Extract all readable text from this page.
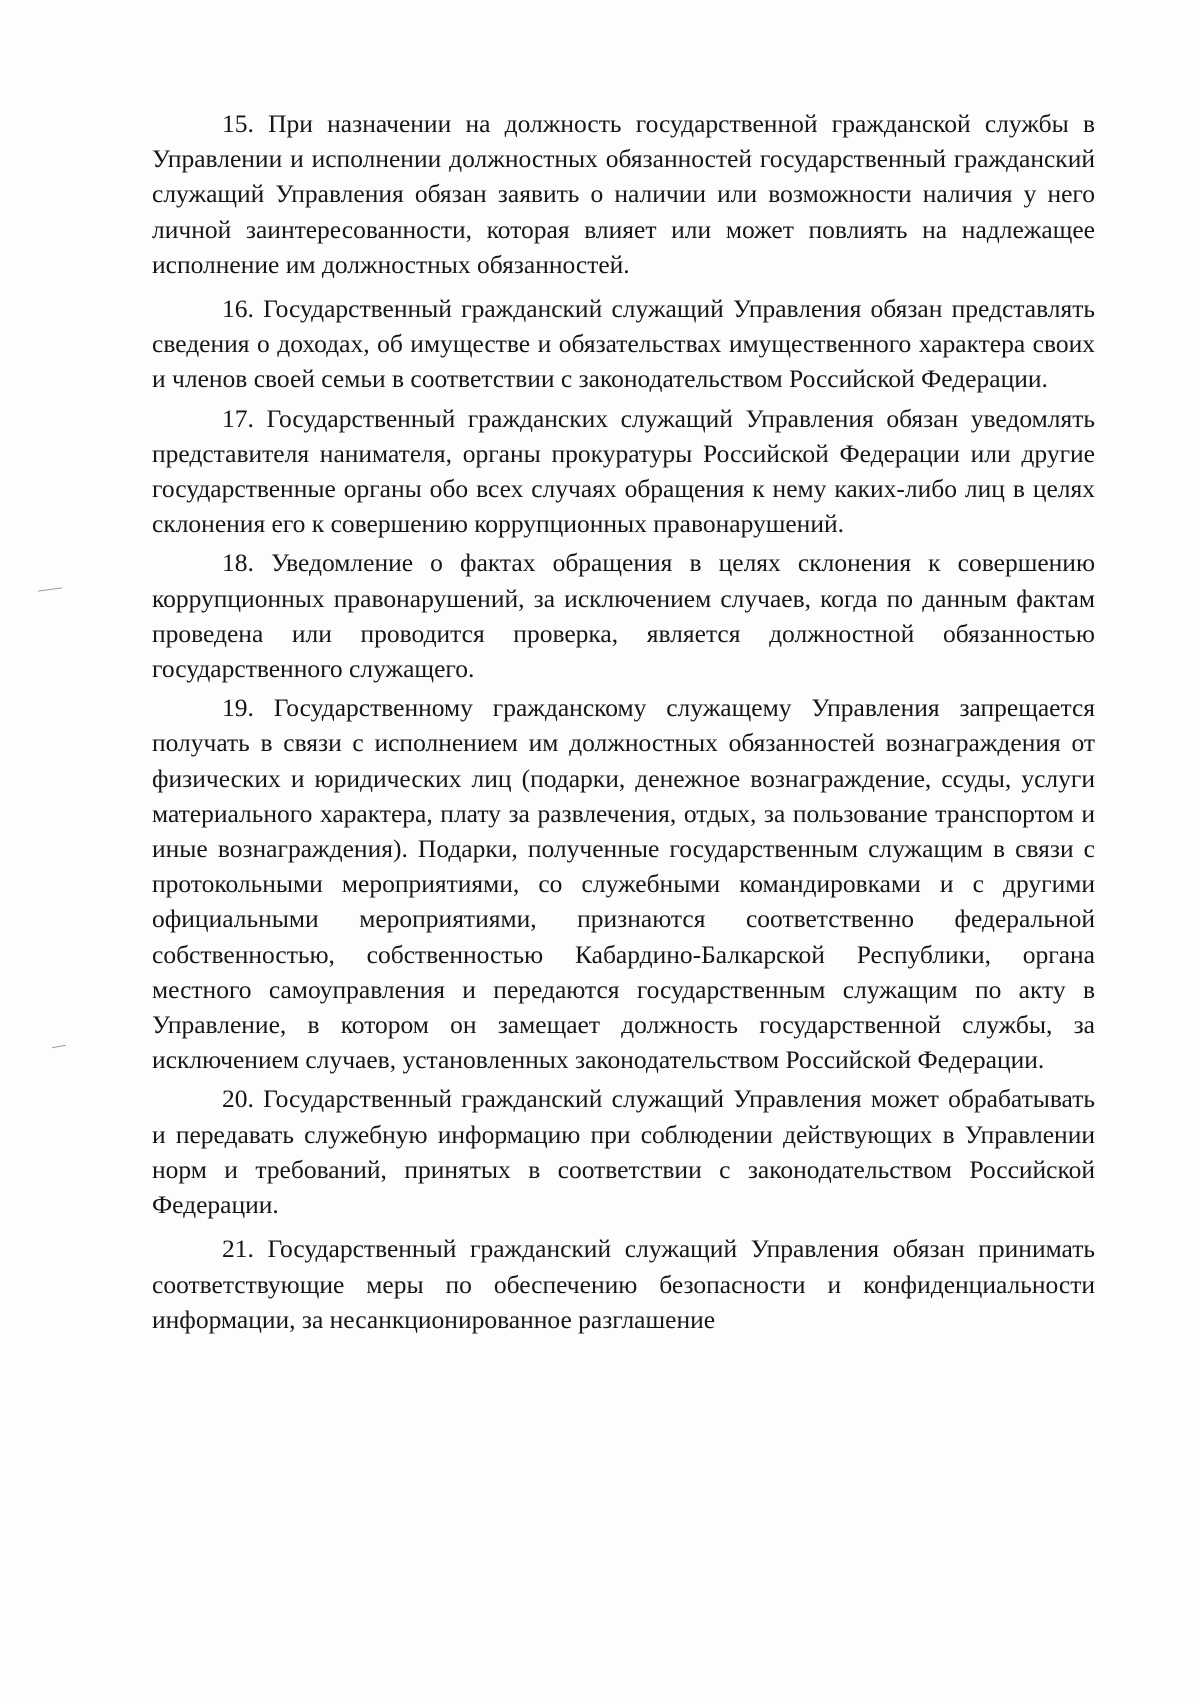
15. При назначении на должность государственной гражданской службы в Управлении и исполнении должностных обязанностей государственный гражданский служащий Управления обязан заявить о наличии или возможности наличия у него личной заинтересованности, которая влияет или может повлиять на надлежащее исполнение им должностных обязанностей.

16. Государственный гражданский служащий Управления обязан представлять сведения о доходах, об имуществе и обязательствах имущественного характера своих и членов своей семьи в соответствии с законодательством Российской Федерации.

17. Государственный гражданских служащий Управления обязан уведомлять представителя нанимателя, органы прокуратуры Российской Федерации или другие государственные органы обо всех случаях обращения к нему каких-либо лиц в целях склонения его к совершению коррупционных правонарушений.

18. Уведомление о фактах обращения в целях склонения к совершению коррупционных правонарушений, за исключением случаев, когда по данным фактам проведена или проводится проверка, является должностной обязанностью государственного служащего.

19. Государственному гражданскому служащему Управления запрещается получать в связи с исполнением им должностных обязанностей вознаграждения от физических и юридических лиц (подарки, денежное вознаграждение, ссуды, услуги материального характера, плату за развлечения, отдых, за пользование транспортом и иные вознаграждения). Подарки, полученные государственным служащим в связи с протокольными мероприятиями, со служебными командировками и с другими официальными мероприятиями, признаются соответственно федеральной собственностью, собственностью Кабардино-Балкарской Республики, органа местного самоуправления и передаются государственным служащим по акту в Управление, в котором он замещает должность государственной службы, за исключением случаев, установленных законодательством Российской Федерации.

20. Государственный гражданский служащий Управления может обрабатывать и передавать служебную информацию при соблюдении действующих в Управлении норм и требований, принятых в соответствии с законодательством Российской Федерации.

21. Государственный гражданский служащий Управления обязан принимать соответствующие меры по обеспечению безопасности и конфиденциальности информации, за несанкционированное разглашение
